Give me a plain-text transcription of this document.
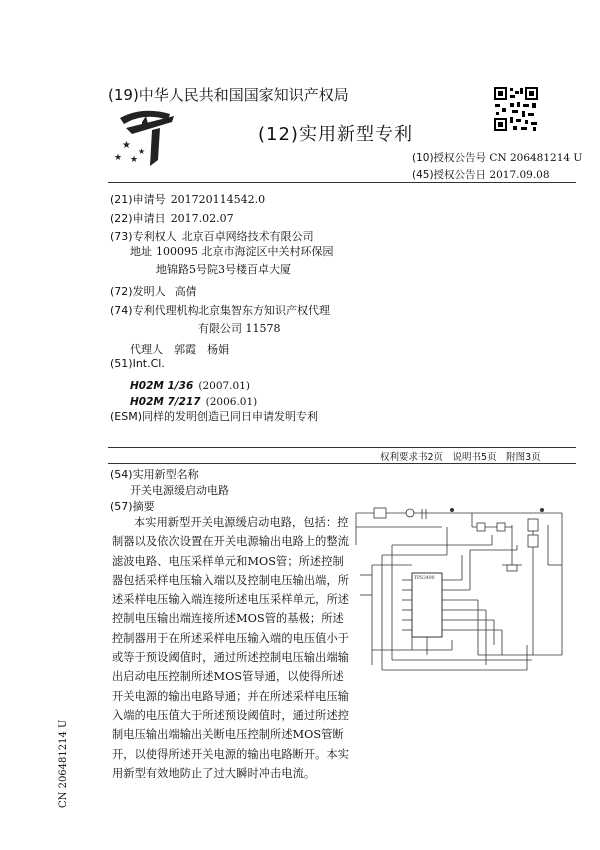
(19)中华人民共和国国家知识产权局
★
★ ★
★
(12)实用新型专利
(10)授权公告号 CN 206481214 U
(45)授权公告日 2017.09.08
(21)申请号 201720114542.0
(22)申请日 2017.02.07
(73)专利权人 北京百卓网络技术有限公司
地址 100095 北京市海淀区中关村环保园
地锦路5号院3号楼百卓大厦
(72)发明人 高倩
(74)专利代理机构 北京集智东方知识产权代理
有限公司 11578
代理人 郭霞　杨娟
(51)Int.Cl.
H02M 1/36 (2007.01)
H02M 7/217 (2006.01)
(ESM)同样的发明创造已同日申请发明专利
权利要求书2页　说明书5页　附图3页
(54)实用新型名称
开关电源缓启动电路
(57)摘要
本实用新型开关电源缓启动电路，包括：控制器以及依次设置在开关电源输出电路上的整流滤波电路、电压采样单元和MOS管；所述控制器包括采样电压输入端以及控制电压输出端，所述采样电压输入端连接所述电压采样单元，所述控制电压输出端连接所述MOS管的基极；所述控制器用于在所述采样电压输入端的电压值小于或等于预设阈值时，通过所述控制电压输出端输出启动电压控制所述MOS管导通，以使得所述开关电源的输出电路导通；并在所述采样电压输入端的电压值大于所述预设阈值时，通过所述控制电压输出端输出关断电压控制所述MOS管断开，以使得所述开关电源的输出电路断开。本实用新型有效地防止了过大瞬时冲击电流。
TPS2490
CN 206481214 U
